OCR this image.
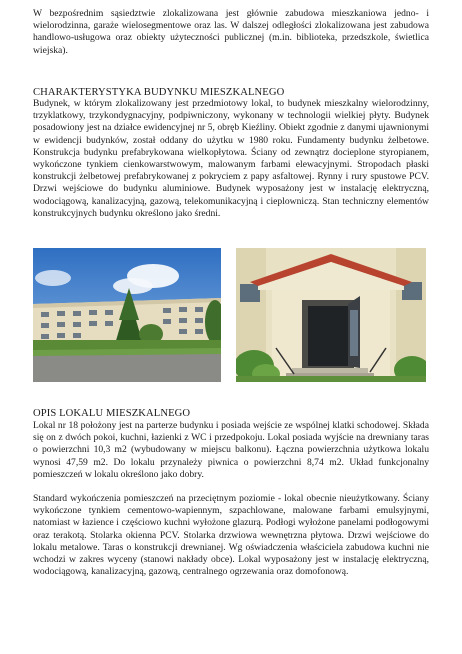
W bezpośrednim sąsiedztwie zlokalizowana jest głównie zabudowa mieszkaniowa jedno- i wielorodzinna, garaże wielosegmentowe oraz las. W dalszej odległości zlokalizowana jest zabudowa handlowo-usługowa oraz obiekty użyteczności publicznej (m.in. biblioteka, przedszkole, świetlica wiejska).

CHARAKTERYSTYKA BUDYNKU MIESZKALNEGO

Budynek, w którym zlokalizowany jest przedmiotowy lokal, to budynek mieszkalny wielorodzinny, trzyklatkowy, trzykondygnacyjny, podpiwniczony, wykonany w technologii wielkiej płyty. Budynek posadowiony jest na działce ewidencyjnej nr 5, obręb Kieźliny. Obiekt zgodnie z danymi ujawnionymi w ewidencji budynków, został oddany do użytku w 1980 roku. Fundamenty budynku żelbetowe. Konstrukcja budynku prefabrykowana wielkopłytowa. Ściany od zewnątrz docieplone styropianem, wykończone tynkiem cienkowarstwowym, malowanym farbami elewacyjnymi. Stropodach płaski konstrukcji żelbetowej prefabrykowanej z pokryciem z papy asfaltowej. Rynny i rury spustowe PCV. Drzwi wejściowe do budynku aluminiowe. Budynek wyposażony jest w instalację elektryczną, wodociągową, kanalizacyjną, gazową, telekomunikacyjną i cieplowniczą. Stan techniczny elementów konstrukcyjnych budynku określono jako średni.

OPIS LOKALU MIESZKALNEGO

Lokal nr 18 położony jest na parterze budynku i posiada wejście ze wspólnej klatki schodowej. Składa się on z dwóch pokoi, kuchni, łazienki z WC i przedpokoju. Lokal posiada wyjście na drewniany taras o powierzchni 10,3 m2 (wybudowany w miejscu balkonu). Łączna powierzchnia użytkowa lokalu wynosi 47,59 m2. Do lokalu przynależy piwnica o powierzchni 8,74 m2. Układ funkcjonalny pomieszczeń w lokalu określono jako dobry.

Standard wykończenia pomieszczeń na przeciętnym poziomie - lokal obecnie nieużytkowany. Ściany wykończone tynkiem cementowo-wapiennym, szpachlowane, malowane farbami emulsyjnymi, natomiast w łazience i częściowo kuchni wyłożone glazurą. Podłogi wyłożone panelami podłogowymi oraz terakotą. Stolarka okienna PCV. Stolarka drzwiowa wewnętrzna płytowa. Drzwi wejściowe do lokalu metalowe. Taras o konstrukcji drewnianej. Wg oświadczenia właściciela zabudowa kuchni nie wchodzi w zakres wyceny (stanowi nakłady obce). Lokal wyposażony jest w instalację elektryczną, wodociągową, kanalizacyjną, gazową, centralnego ogrzewania oraz domofonową.
